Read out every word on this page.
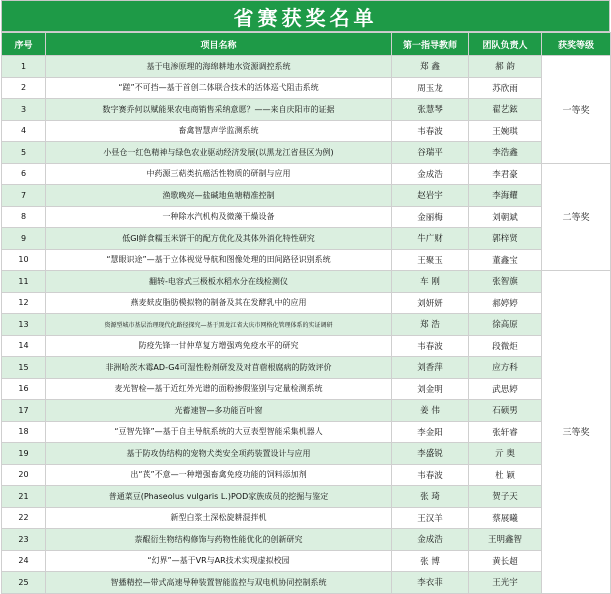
省赛获奖名单
序号	项目名称	第一指导教师	团队负责人	获奖等级
1	基于电渗原理的海绵耕地水资源调控系统	郑 鑫	郝 韵	一等奖
2	“蹉”不可挡—基于首创二体联合技术的活体巡弋阻击系统	周玉龙	苏欣雨	
3	数字赛乔何以赋能果农电商销售采纳意愿？——来自庆阳市的证据	张慧琴	翟艺鉉	
4	畜禽智慧声学监测系统	韦春波	王婉琪	
5	小昼仓一红色精神与绿色农业驱动经济发展(以黑龙江省昼区为例)	谷瑞平	李浩鑫	
6	中药源三萜类抗癌活性物质的研制与应用	金成浩	李君豪	二等奖
7	渔歌晚亮—盐碱地鱼塘精准控制	赵岩宇	李海耀	
8	一种除水汽机构及微藻干燥设备	金丽梅	刘朝斌	
9	低GI鲜食糯玉米饼干的配方优化及其体外消化特性研究	牛广财	郭梓贤	
10	“慧眼识途”—基于立体视觉导航和图像处理的田间路径识别系统	王聚玉	董鑫宝	
11	翻转-电容式三极板水稻水分在线检测仪	车 刚	张智旗	三等奖
12	燕麦麸皮脂肪模拟物的制备及其在发酵乳中的应用	刘妍妍	郝婷婷	
13	资源型城市基层治理现代化路径探究—基于黑龙江省大庆市网格化管理体系的实证调研	郑 浩	徐高原	
14	防疫先锋一甘仲草复方增强鸡免疫水平的研究	韦春波	段微炬	
15	非洲哈茨木霉AD-G4可湿性粉剂研发及对苜蓿根腐病的防效评价	刘香萍	应方科	
16	麦光智检—基于近红外光谱的面粉掺假鉴别与定量检测系统	刘金明	武思婷	
17	光蓄速智—多功能百叶窗	姜 伟	石硕男	
18	“豆智先锋”—基于自主导航系统的大豆表型智能采集机器人	李金阳	张轩睿	
19	基于防攻伪结构的宠物犬类安全项药装置设计与应用	李盛锐	亓 奥	
20	出“芪”不意—一种增强畜禽免疫功能的饲料添加剂	韦春波	杜 颖	
21	普通菜豆(Phaseolus vulgaris L.)POD家族成员的挖掘与鉴定	张 琦	贺子天	
22	新型白浆土深松旋耕混拌机	王汉羊	蔡展曦	
23	萘醌衍生物结构修饰与药物性能优化的创新研究	金成浩	王明鑫智	
24	“幻界”—基于VR与AR技术实现虚拟校园	张 博	黄长超	
25	智播精控—带式高速导种装置智能监控与双电机协同控制系统	李衣菲	王光宇	
